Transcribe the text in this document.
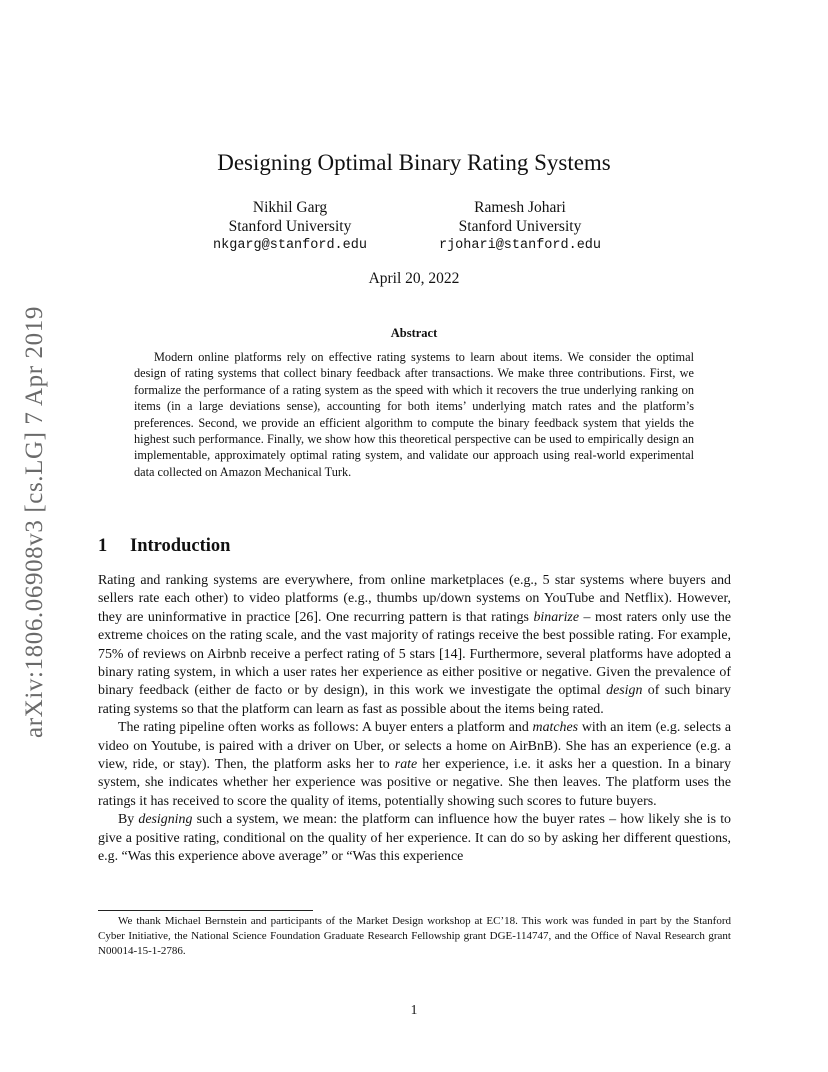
arXiv:1806.06908v3 [cs.LG] 7 Apr 2019
Designing Optimal Binary Rating Systems
Nikhil Garg
Stanford University
nkgarg@stanford.edu
Ramesh Johari
Stanford University
rjohari@stanford.edu
April 20, 2022
Abstract

Modern online platforms rely on effective rating systems to learn about items. We consider the optimal design of rating systems that collect binary feedback after transactions. We make three contributions. First, we formalize the performance of a rating system as the speed with which it recovers the true underlying ranking on items (in a large deviations sense), accounting for both items’ underlying match rates and the platform’s preferences. Second, we provide an efficient algorithm to compute the binary feedback system that yields the highest such performance. Finally, we show how this theoretical perspective can be used to empirically design an implementable, approximately optimal rating system, and validate our approach using real-world experimental data collected on Amazon Mechanical Turk.

1 Introduction

Rating and ranking systems are everywhere, from online marketplaces (e.g., 5 star systems where buyers and sellers rate each other) to video platforms (e.g., thumbs up/down systems on YouTube and Netflix). However, they are uninformative in practice [26]. One recurring pattern is that ratings binarize – most raters only use the extreme choices on the rating scale, and the vast majority of ratings receive the best possible rating. For example, 75% of reviews on Airbnb receive a perfect rating of 5 stars [14]. Furthermore, several platforms have adopted a binary rating system, in which a user rates her experience as either positive or negative. Given the prevalence of binary feedback (either de facto or by design), in this work we investigate the optimal design of such binary rating systems so that the platform can learn as fast as possible about the items being rated.

The rating pipeline often works as follows: A buyer enters a platform and matches with an item (e.g. selects a video on Youtube, is paired with a driver on Uber, or selects a home on AirBnB). She has an experience (e.g. a view, ride, or stay). Then, the platform asks her to rate her experience, i.e. it asks her a question. In a binary system, she indicates whether her experience was positive or negative. She then leaves. The platform uses the ratings it has received to score the quality of items, potentially showing such scores to future buyers.

By designing such a system, we mean: the platform can influence how the buyer rates – how likely she is to give a positive rating, conditional on the quality of her experience. It can do so by asking her different questions, e.g. “Was this experience above average” or “Was this experience

We thank Michael Bernstein and participants of the Market Design workshop at EC’18. This work was funded in part by the Stanford Cyber Initiative, the National Science Foundation Graduate Research Fellowship grant DGE-114747, and the Office of Naval Research grant N00014-15-1-2786.

1
